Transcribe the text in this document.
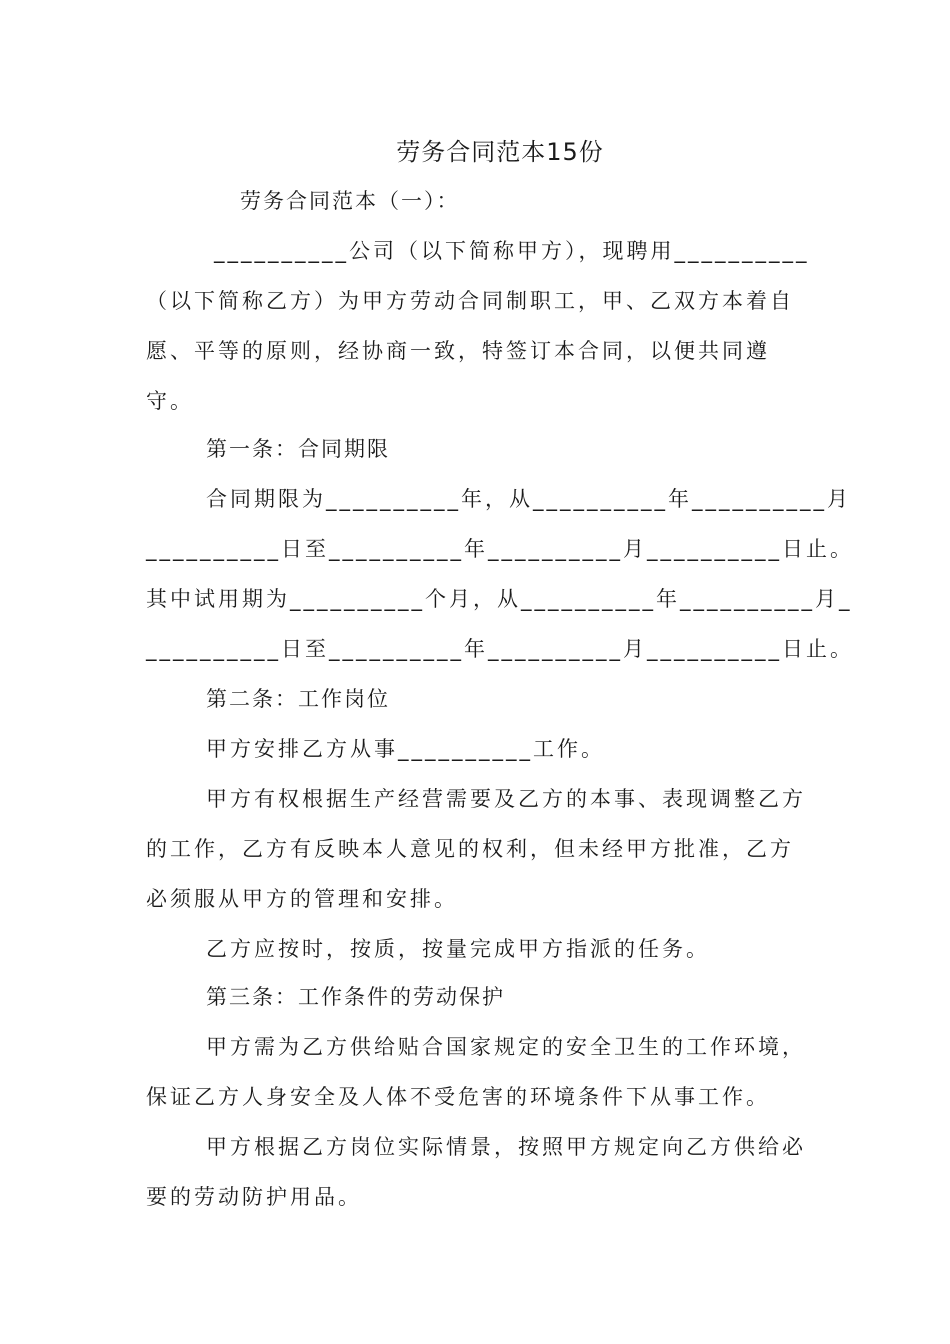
劳务合同范本15份
劳务合同范本（一）：
__________公司（以下简称甲方），现聘用__________
（以下简称乙方）为甲方劳动合同制职工，甲、乙双方本着自
愿、平等的原则，经协商一致，特签订本合同，以便共同遵
守。
第一条：合同期限
合同期限为__________年，从__________年__________月
__________日至__________年__________月__________日止。
其中试用期为__________个月，从__________年__________月_
__________日至__________年__________月__________日止。
第二条：工作岗位
甲方安排乙方从事__________工作。
甲方有权根据生产经营需要及乙方的本事、表现调整乙方
的工作，乙方有反映本人意见的权利，但未经甲方批准，乙方
必须服从甲方的管理和安排。
乙方应按时，按质，按量完成甲方指派的任务。
第三条：工作条件的劳动保护
甲方需为乙方供给贴合国家规定的安全卫生的工作环境，
保证乙方人身安全及人体不受危害的环境条件下从事工作。
甲方根据乙方岗位实际情景，按照甲方规定向乙方供给必
要的劳动防护用品。
